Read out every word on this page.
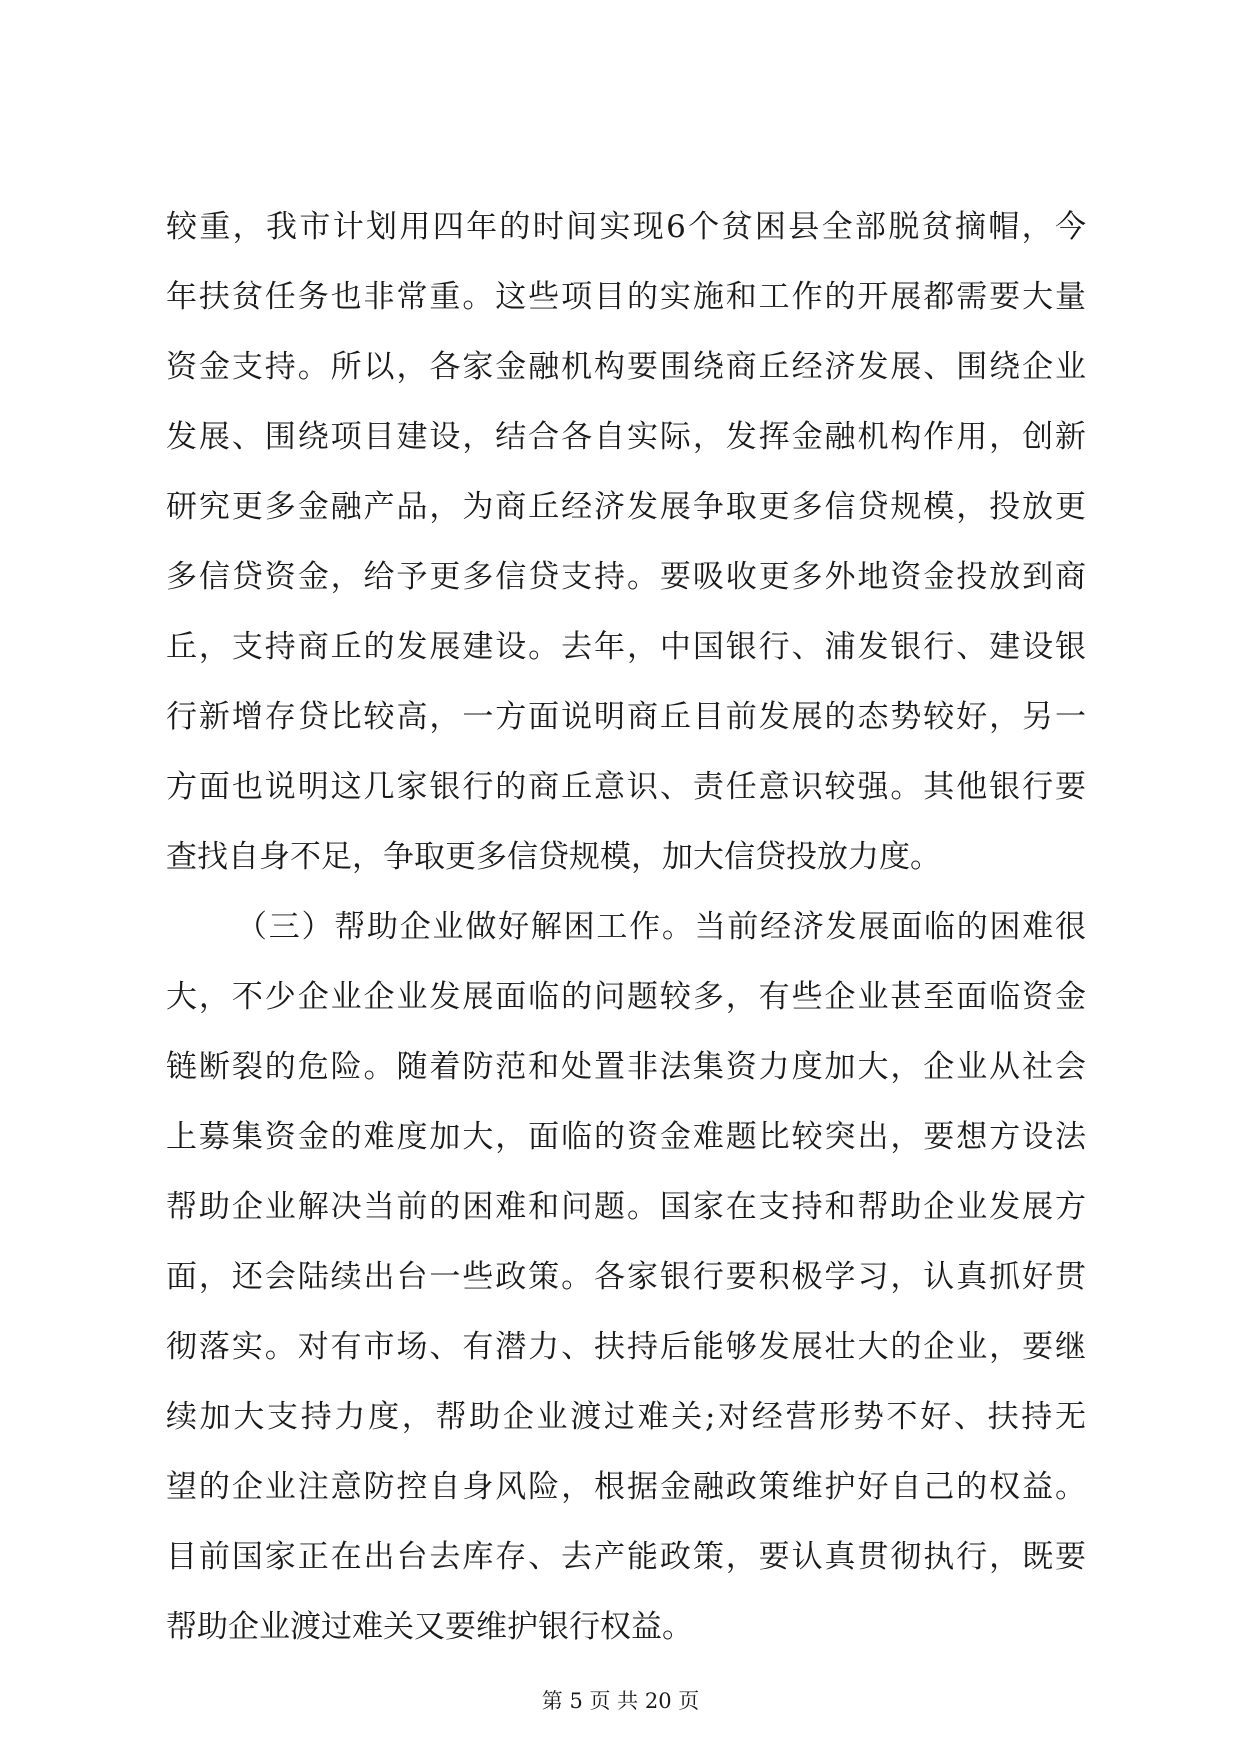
较重，我市计划用四年的时间实现6个贫困县全部脱贫摘帽，今
年扶贫任务也非常重。这些项目的实施和工作的开展都需要大量
资金支持。所以，各家金融机构要围绕商丘经济发展、围绕企业
发展、围绕项目建设，结合各自实际，发挥金融机构作用，创新
研究更多金融产品，为商丘经济发展争取更多信贷规模，投放更
多信贷资金，给予更多信贷支持。要吸收更多外地资金投放到商
丘，支持商丘的发展建设。去年，中国银行、浦发银行、建设银
行新增存贷比较高，一方面说明商丘目前发展的态势较好，另一
方面也说明这几家银行的商丘意识、责任意识较强。其他银行要
查找自身不足，争取更多信贷规模，加大信贷投放力度。
（三）帮助企业做好解困工作。当前经济发展面临的困难很
大，不少企业企业发展面临的问题较多，有些企业甚至面临资金
链断裂的危险。随着防范和处置非法集资力度加大，企业从社会
上募集资金的难度加大，面临的资金难题比较突出，要想方设法
帮助企业解决当前的困难和问题。国家在支持和帮助企业发展方
面，还会陆续出台一些政策。各家银行要积极学习，认真抓好贯
彻落实。对有市场、有潜力、扶持后能够发展壮大的企业，要继
续加大支持力度，帮助企业渡过难关;对经营形势不好、扶持无
望的企业注意防控自身风险，根据金融政策维护好自己的权益。
目前国家正在出台去库存、去产能政策，要认真贯彻执行，既要
帮助企业渡过难关又要维护银行权益。
第 5 页 共 20 页
